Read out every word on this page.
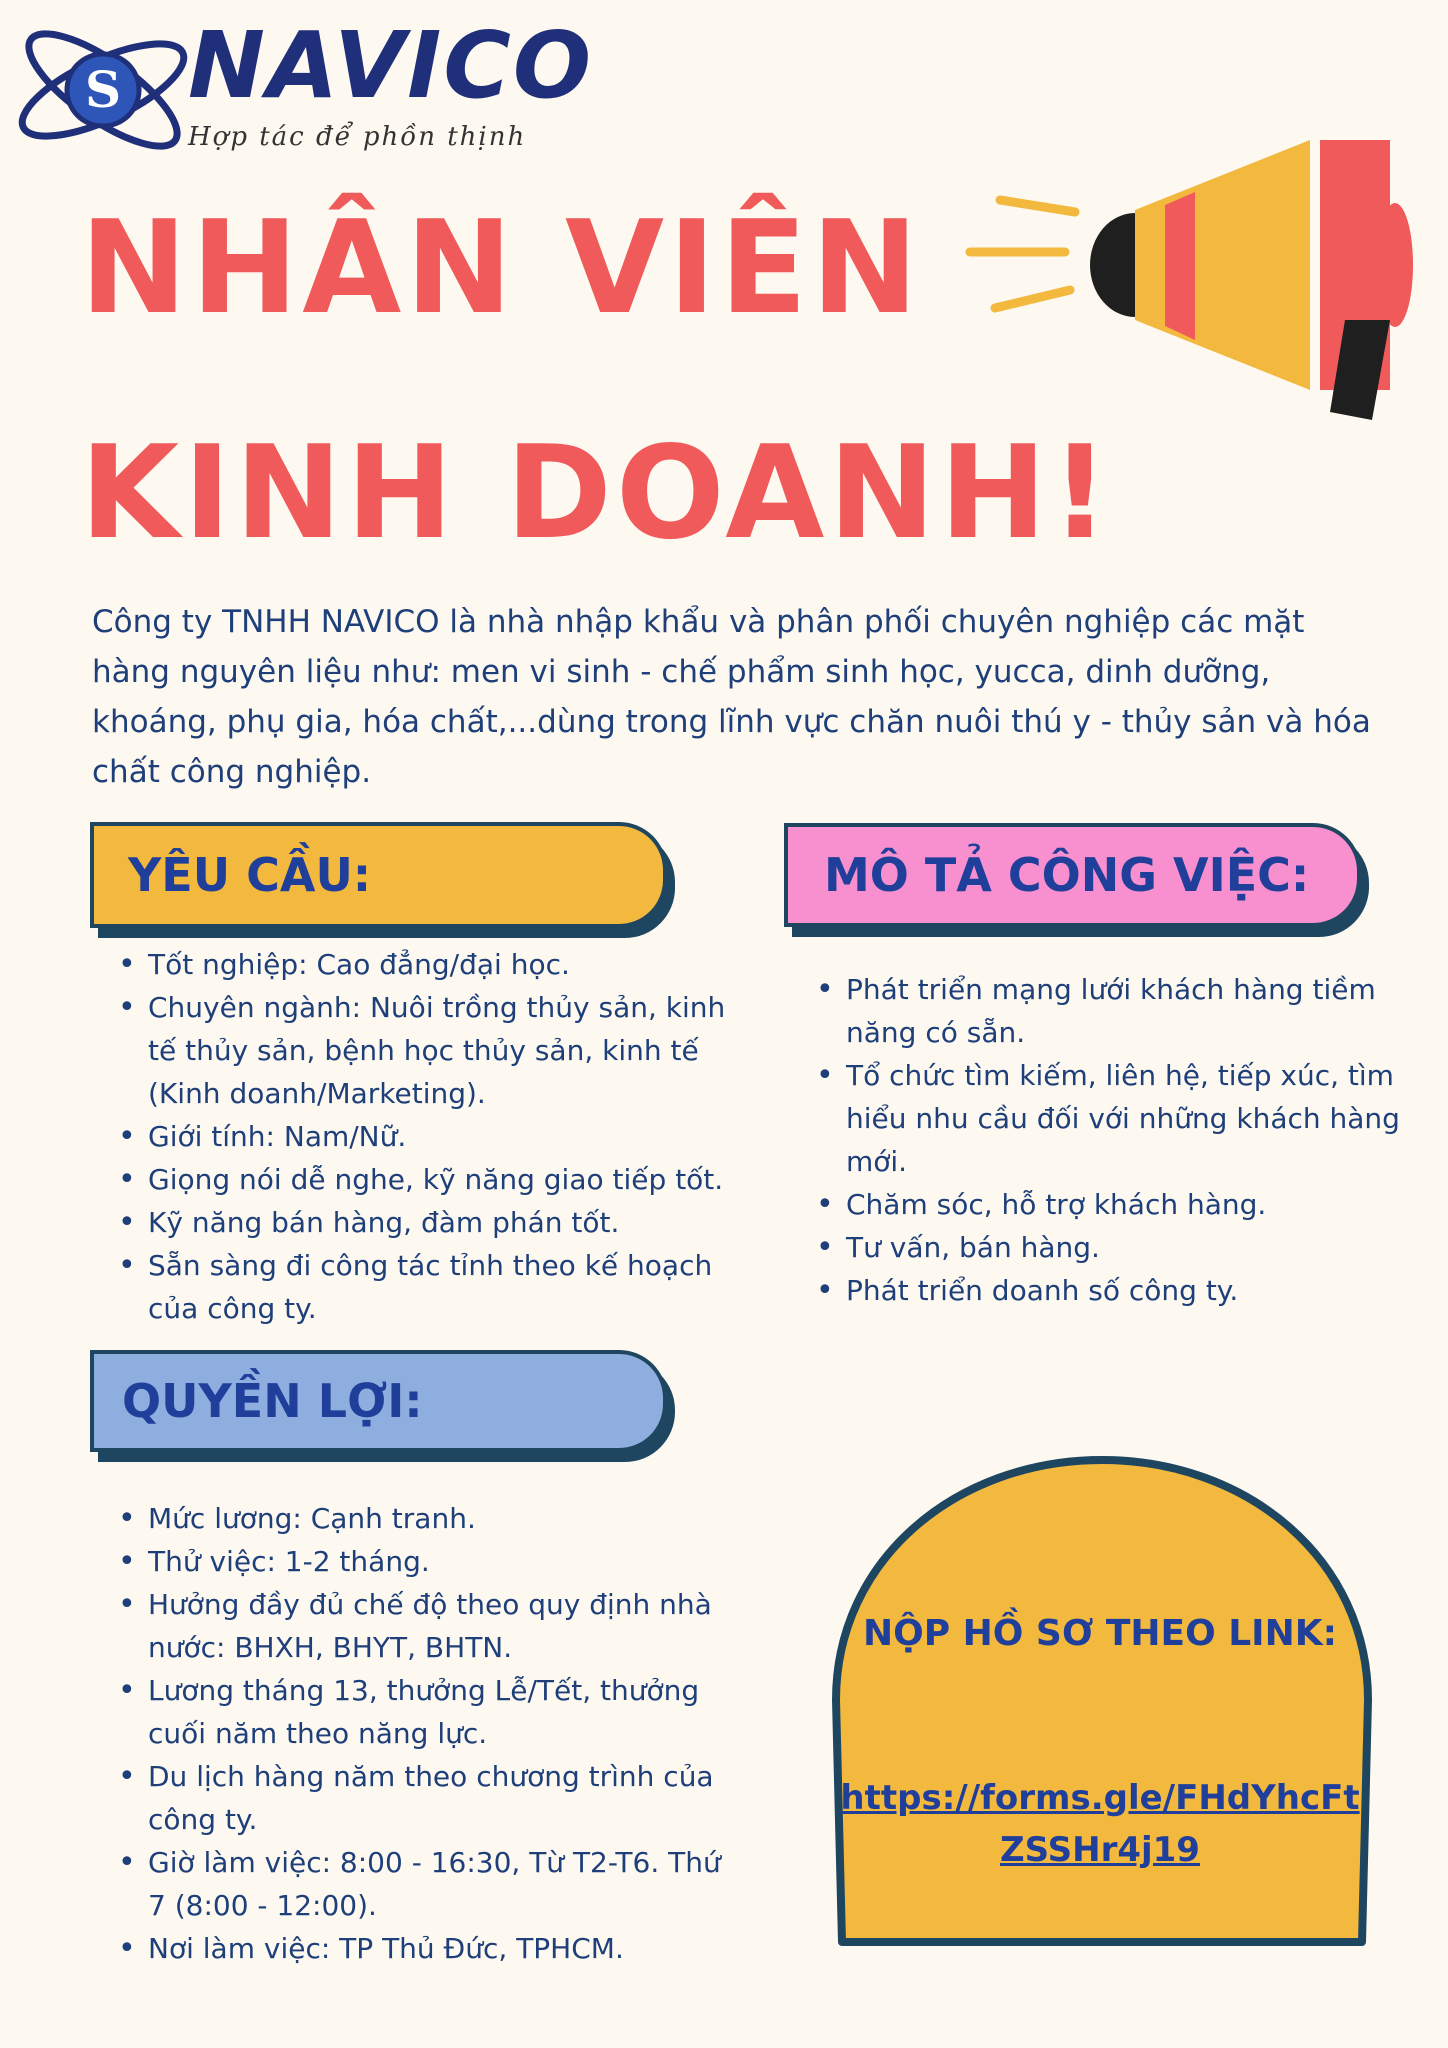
S NAVICO
Hợp tác để phồn thịnh
NHÂN VIÊN
KINH DOANH!
Công ty TNHH NAVICO là nhà nhập khẩu và phân phối chuyên nghiệp các mặt hàng nguyên liệu như: men vi sinh - chế phẩm sinh học, yucca, dinh dưỡng, khoáng, phụ gia, hóa chất,...dùng trong lĩnh vực chăn nuôi thú y - thủy sản và hóa chất công nghiệp.
YÊU CẦU:
• Tốt nghiệp: Cao đẳng/đại học.
• Chuyên ngành: Nuôi trồng thủy sản, kinh tế thủy sản, bệnh học thủy sản, kinh tế (Kinh doanh/Marketing).
• Giới tính: Nam/Nữ.
• Giọng nói dễ nghe, kỹ năng giao tiếp tốt.
• Kỹ năng bán hàng, đàm phán tốt.
• Sẵn sàng đi công tác tỉnh theo kế hoạch của công ty.
MÔ TẢ CÔNG VIỆC:
• Phát triển mạng lưới khách hàng tiềm năng có sẵn.
• Tổ chức tìm kiếm, liên hệ, tiếp xúc, tìm hiểu nhu cầu đối với những khách hàng mới.
• Chăm sóc, hỗ trợ khách hàng.
• Tư vấn, bán hàng.
• Phát triển doanh số công ty.
QUYỀN LỢI:
• Mức lương: Cạnh tranh.
• Thử việc: 1-2 tháng.
• Hưởng đầy đủ chế độ theo quy định nhà nước: BHXH, BHYT, BHTN.
• Lương tháng 13, thưởng Lễ/Tết, thưởng cuối năm theo năng lực.
• Du lịch hàng năm theo chương trình của công ty.
• Giờ làm việc: 8:00 - 16:30, Từ T2-T6. Thứ 7 (8:00 - 12:00).
• Nơi làm việc: TP Thủ Đức, TPHCM.
NỘP HỒ SƠ THEO LINK:
https://forms.gle/FHdYhcFtZSSHr4j19
